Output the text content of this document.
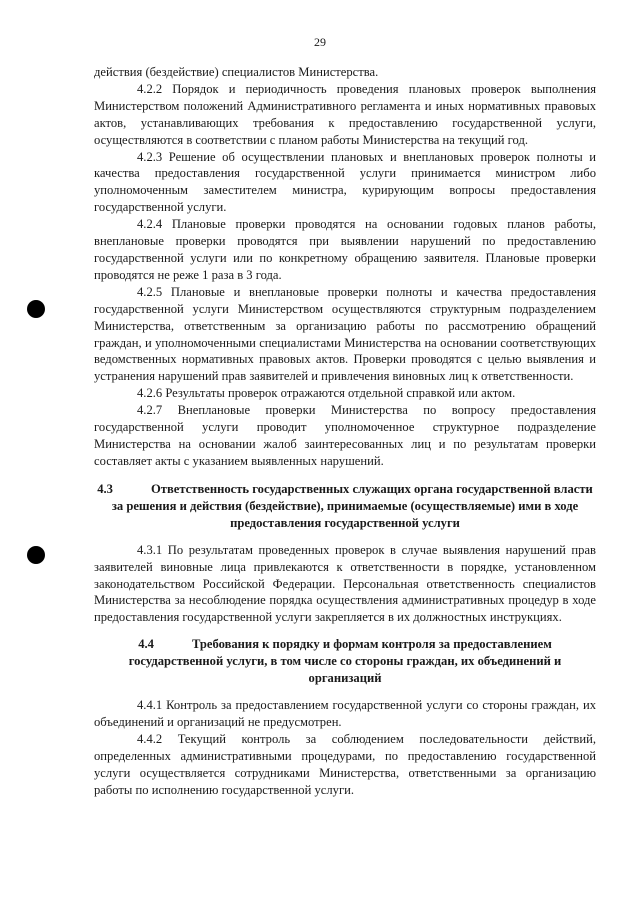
29

действия (бездействие) специалистов Министерства.

4.2.2 Порядок и периодичность проведения плановых проверок выполнения Министерством положений Административного регламента и иных нормативных правовых актов, устанавливающих требования к предоставлению государственной услуги, осуществляются в соответствии с планом работы Министерства на текущий год.

4.2.3 Решение об осуществлении плановых и внеплановых проверок полноты и качества предоставления государственной услуги принимается министром либо уполномоченным заместителем министра, курирующим вопросы предоставления государственной услуги.

4.2.4 Плановые проверки проводятся на основании годовых планов работы, внеплановые проверки проводятся при выявлении нарушений по предоставлению государственной услуги или по конкретному обращению заявителя. Плановые проверки проводятся не реже 1 раза в 3 года.

4.2.5 Плановые и внеплановые проверки полноты и качества предоставления государственной услуги Министерством осуществляются структурным подразделением Министерства, ответственным за организацию работы по рассмотрению обращений граждан, и уполномоченными специалистами Министерства на основании соответствующих ведомственных нормативных правовых актов. Проверки проводятся с целью выявления и устранения нарушений прав заявителей и привлечения виновных лиц к ответственности.

4.2.6 Результаты проверок отражаются отдельной справкой или актом.

4.2.7 Внеплановые проверки Министерства по вопросу предоставления государственной услуги проводит уполномоченное структурное подразделение Министерства на основании жалоб заинтересованных лиц и по результатам проверки составляет акты с указанием выявленных нарушений.

4.3	Ответственность государственных служащих органа государственной власти за решения и действия (бездействие), принимаемые (осуществляемые) ими в ходе предоставления государственной услуги

4.3.1 По результатам проведенных проверок в случае выявления нарушений прав заявителей виновные лица привлекаются к ответственности в порядке, установленном законодательством Российской Федерации. Персональная ответственность специалистов Министерства за несоблюдение порядка осуществления административных процедур в ходе предоставления государственной услуги закрепляется в их должностных инструкциях.

4.4	Требования к порядку и формам контроля за предоставлением государственной услуги, в том числе со стороны граждан, их объединений и организаций

4.4.1 Контроль за предоставлением государственной услуги со стороны граждан, их объединений и организаций не предусмотрен.

4.4.2 Текущий контроль за соблюдением последовательности действий, определенных административными процедурами, по предоставлению государственной услуги осуществляется сотрудниками Министерства, ответственными за организацию работы по исполнению государственной услуги.
